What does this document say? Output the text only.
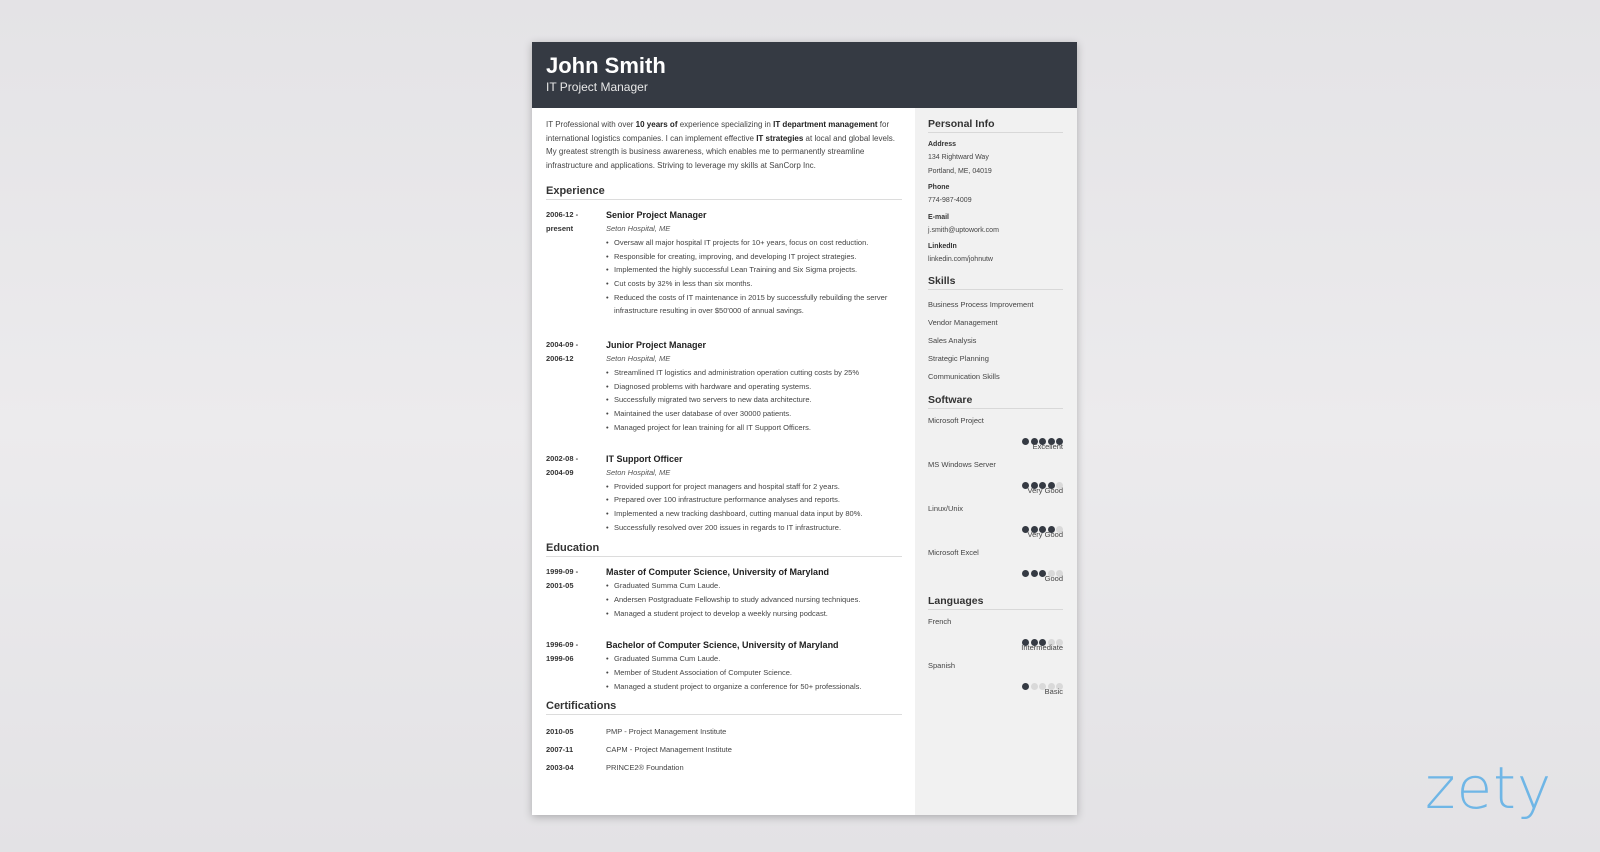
John Smith
IT Project Manager

IT Professional with over 10 years of experience specializing in IT department management for international logistics companies. I can implement effective IT strategies at local and global levels. My greatest strength is business awareness, which enables me to permanently streamline infrastructure and applications. Striving to leverage my skills at SanCorp Inc.

Experience
2006-12 -
present
Senior Project Manager
Seton Hospital, ME
• Oversaw all major hospital IT projects for 10+ years, focus on cost reduction.
• Responsible for creating, improving, and developing IT project strategies.
• Implemented the highly successful Lean Training and Six Sigma projects.
• Cut costs by 32% in less than six months.
• Reduced the costs of IT maintenance in 2015 by successfully rebuilding the server infrastructure resulting in over $50'000 of annual savings.
2004-09 -
2006-12
Junior Project Manager
Seton Hospital, ME
• Streamlined IT logistics and administration operation cutting costs by 25%
• Diagnosed problems with hardware and operating systems.
• Successfully migrated two servers to new data architecture.
• Maintained the user database of over 30000 patients.
• Managed project for lean training for all IT Support Officers.
2002-08 -
2004-09
IT Support Officer
Seton Hospital, ME
• Provided support for project managers and hospital staff for 2 years.
• Prepared over 100 infrastructure performance analyses and reports.
• Implemented a new tracking dashboard, cutting manual data input by 80%.
• Successfully resolved over 200 issues in regards to IT infrastructure.
Education
1999-09 -
2001-05
Master of Computer Science, University of Maryland
• Graduated Summa Cum Laude.
• Andersen Postgraduate Fellowship to study advanced nursing techniques.
• Managed a student project to develop a weekly nursing podcast.
1996-09 -
1999-06
Bachelor of Computer Science, University of Maryland
• Graduated Summa Cum Laude.
• Member of Student Association of Computer Science.
• Managed a student project to organize a conference for 50+ professionals.
Certifications
2010-05	PMP - Project Management Institute
2007-11	CAPM - Project Management Institute
2003-04	PRINCE2® Foundation
Personal Info
Address
134 Rightward Way
Portland, ME, 04019
Phone
774-987-4009
E-mail
j.smith@uptowork.com
LinkedIn
linkedin.com/johnutw
Skills
Business Process Improvement
Vendor Management
Sales Analysis
Strategic Planning
Communication Skills
Software
Microsoft Project
Excellent
MS Windows Server
Very Good
Linux/Unix
Very Good
Microsoft Excel
Good
Languages
French
Intermediate
Spanish
Basic
zety
